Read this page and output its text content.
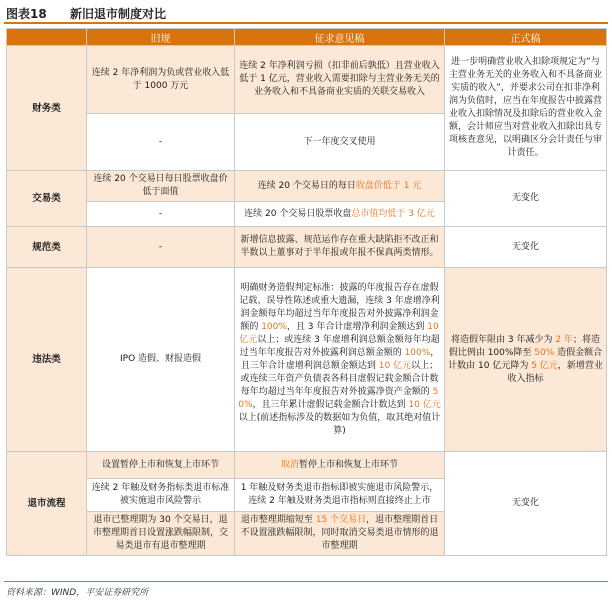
图表18 新旧退市制度对比
	旧规	征求意见稿	正式稿
财务类	连续 2 年净利润为负或营业收入低于 1000 万元	连续 2 年净利润亏损（扣非前后孰低）且营业收入低于 1 亿元，营业收入需要扣除与主营业务无关的业务收入和不具备商业实质的关联交易收入	进一步明确营业收入扣除项规定为“与主营业务无关的业务收入和不具备商业实质的收入”，并要求公司在扣非净利润为负值时，应当在年度报告中披露营业收入扣除情况及扣除后的营业收入金额，会计师应当对营业收入扣除出具专项核查意见，以明确区分会计责任与审计责任。
	-	下一年度交叉使用	
交易类	连续 20 个交易日每日股票收盘价低于面值	连续 20 个交易日的每日收盘价低于 1 元	无变化
	-	连续 20 个交易日股票收盘总市值均低于 3 亿元	
规范类	-	新增信息披露、规范运作存在重大缺陷拒不改正和半数以上董事对于半年报或年报不保真两类情形。	无变化
违法类	IPO 造假、财报造假	明确财务造假判定标准：披露的年度报告存在虚假记载、误导性陈述或重大遗漏，连续 3 年虚增净利润金额每年均超过当年年度报告对外披露净利润金额的 100%，且 3 年合计虚增净利润金额达到 10 亿元以上；或连续 3 年虚增利润总额金额每年均超过当年年度报告对外披露利润总额金额的 100%，且三年合计虚增利润总额金额达到 10 亿元以上；或连续三年资产负债表各科目虚假记载金额合计数每年均超过当年年度报告对外披露净资产金额的 50%，且三年累计虚假记载金额合计数达到 10 亿元以上(前述指标涉及的数据如为负值，取其绝对值计算)	将造假年限由 3 年减少为 2 年；将造假比例由 100%降至 50% 造假金额合计数由 10 亿元降为 5 亿元，新增营业收入指标
退市流程	设置暂停上市和恢复上市环节	取消暂停上市和恢复上市环节	无变化
	连续 2 年触及财务指标类退市标准被实施退市风险警示	1 年触及财务类退市指标即被实施退市风险警示，连续 2 年触及财务类退市指标则直接终止上市	
	退市已整理期为 30 个交易日，退市整理期首日设置涨跌幅限制，交易类退市有退市整理期	退市整理期缩短至 15 个交易日，退市整理期首日不设置涨跌幅限制，同时取消交易类退市情形的退市整理期	
资料来源：WIND，平安证券研究所
